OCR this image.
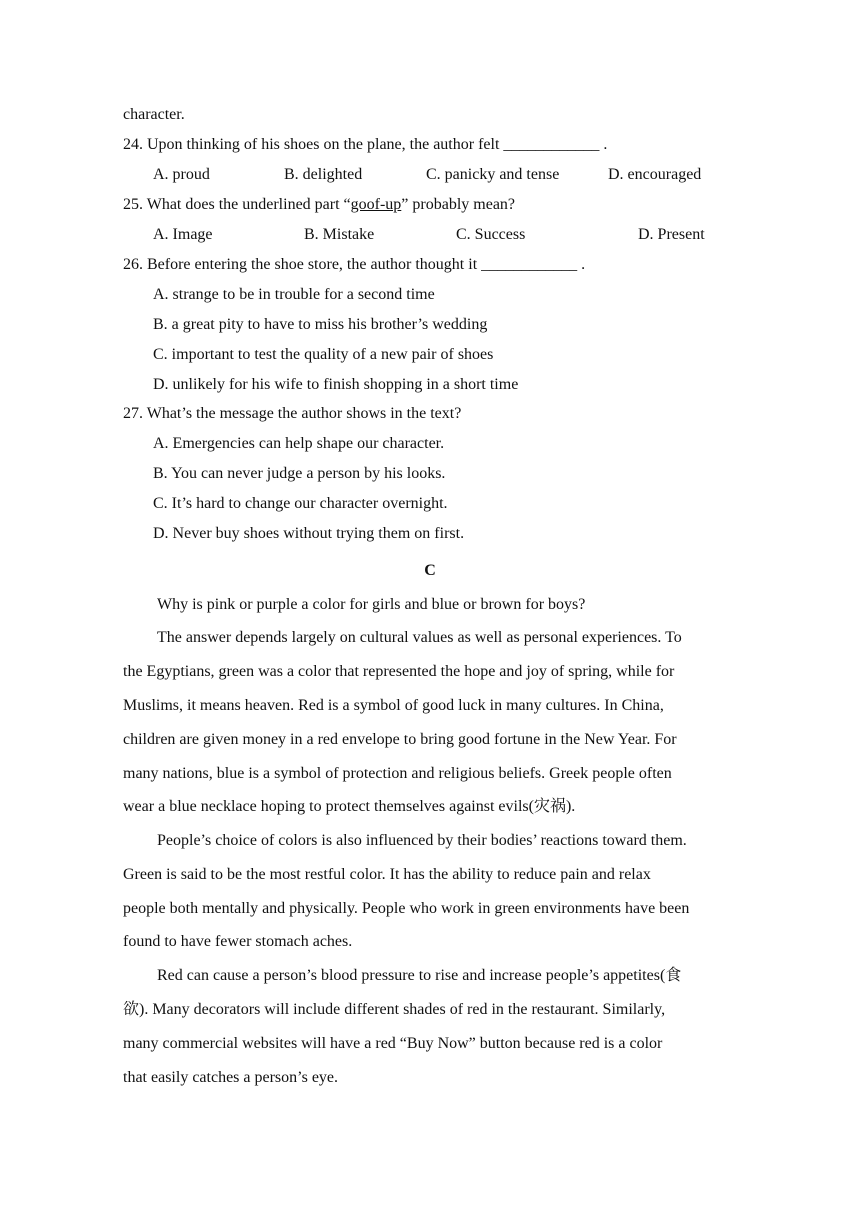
character.
24. Upon thinking of his shoes on the plane, the author felt ____________ .
A. proud	B. delighted	C. panicky and tense	D. encouraged
25. What does the underlined part “goof-up” probably mean?
A. Image	B. Mistake	C. Success	D. Present
26. Before entering the shoe store, the author thought it ____________ .
A. strange to be in trouble for a second time
B. a great pity to have to miss his brother’s wedding
C. important to test the quality of a new pair of shoes
D. unlikely for his wife to finish shopping in a short time
27. What’s the message the author shows in the text?
A. Emergencies can help shape our character.
B. You can never judge a person by his looks.
C. It’s hard to change our character overnight.
D. Never buy shoes without trying them on first.
C
Why is pink or purple a color for girls and blue or brown for boys?
The answer depends largely on cultural values as well as personal experiences. To
the Egyptians, green was a color that represented the hope and joy of spring, while for
Muslims, it means heaven. Red is a symbol of good luck in many cultures. In China,
children are given money in a red envelope to bring good fortune in the New Year. For
many nations, blue is a symbol of protection and religious beliefs. Greek people often
wear a blue necklace hoping to protect themselves against evils(灾祸).
People’s choice of colors is also influenced by their bodies’ reactions toward them.
Green is said to be the most restful color. It has the ability to reduce pain and relax
people both mentally and physically. People who work in green environments have been
found to have fewer stomach aches.
Red can cause a person’s blood pressure to rise and increase people’s appetites(食
欲). Many decorators will include different shades of red in the restaurant. Similarly,
many commercial websites will have a red “Buy Now” button because red is a color
that easily catches a person’s eye.
